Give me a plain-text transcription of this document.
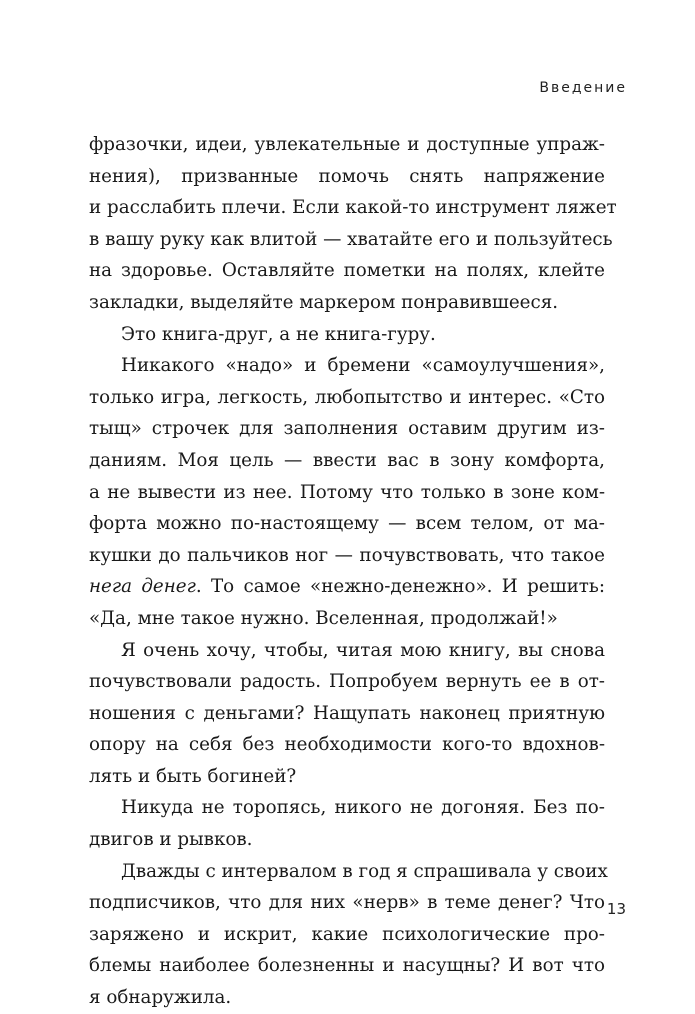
Введение
фразочки, идеи, увлекательные и доступные упраж-
нения), призванные помочь снять напряжение
и расслабить плечи. Если какой-то инструмент ляжет
в вашу руку как влитой — хватайте его и пользуйтесь
на здоровье. Оставляйте пометки на полях, клейте
закладки, выделяйте маркером понравившееся.
Это книга-друг, а не книга-гуру.
Никакого «надо» и бремени «самоулучшения»,
только игра, легкость, любопытство и интерес. «Сто
тыщ» строчек для заполнения оставим другим из-
даниям. Моя цель — ввести вас в зону комфорта,
а не вывести из нее. Потому что только в зоне ком-
форта можно по-настоящему — всем телом, от ма-
кушки до пальчиков ног — почувствовать, что такое
нега денег. То самое «нежно-денежно». И решить:
«Да, мне такое нужно. Вселенная, продолжай!»
Я очень хочу, чтобы, читая мою книгу, вы снова
почувствовали радость. Попробуем вернуть ее в от-
ношения с деньгами? Нащупать наконец приятную
опору на себя без необходимости кого-то вдохнов-
лять и быть богиней?
Никуда не торопясь, никого не догоняя. Без по-
двигов и рывков.
Дважды с интервалом в год я спрашивала у своих
подписчиков, что для них «нерв» в теме денег? Что
заряжено и искрит, какие психологические про-
блемы наиболее болезненны и насущны? И вот что
я обнаружила.
13
